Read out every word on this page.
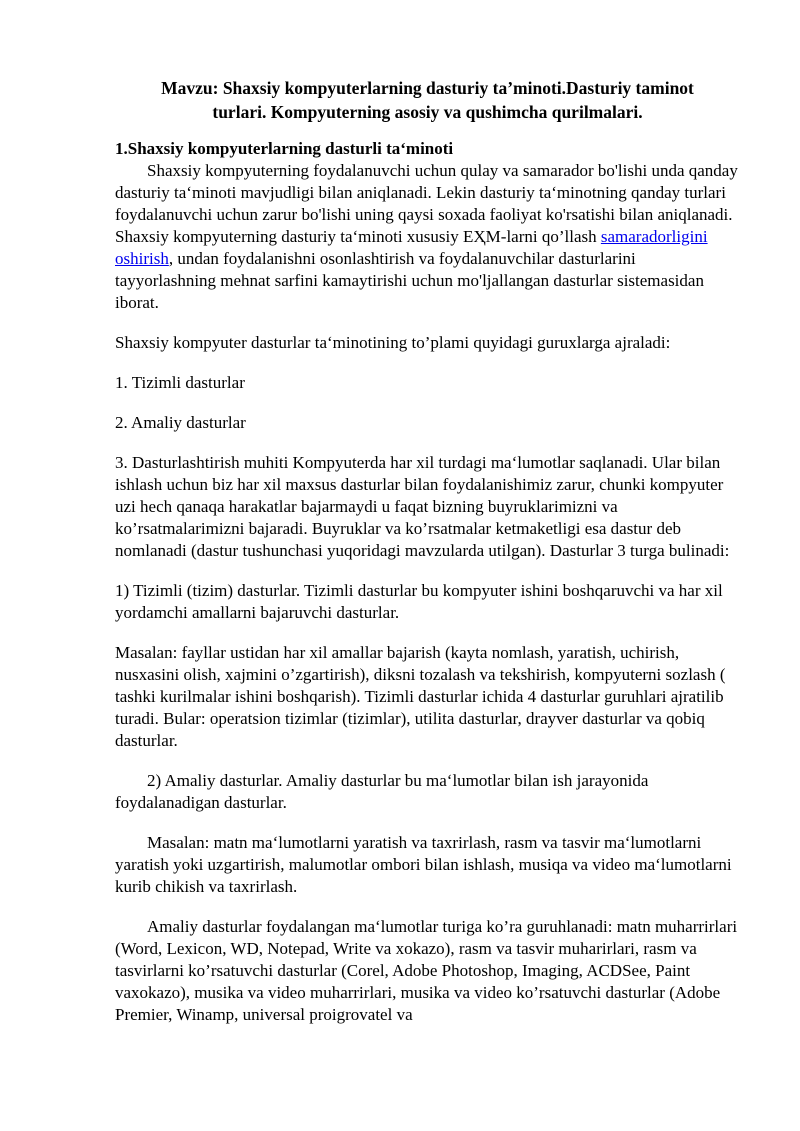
Mavzu: Shaxsiy kompyuterlarning dasturiy ta’minoti.Dasturiy taminot
turlari. Kompyuterning asosiy va qushimcha qurilmalari.
1.Shaxsiy kompyuterlarning dasturli ta‘minoti

Shaxsiy kompyuterning foydalanuvchi uchun qulay va samarador bo'lishi unda qanday dasturiy ta‘minoti mavjudligi bilan aniqlanadi. Lekin dasturiy ta‘minotning qanday turlari foydalanuvchi uchun zarur bo'lishi uning qaysi soxada faoliyat ko'rsatishi bilan aniqlanadi. Shaxsiy kompyuterning dasturiy ta‘minoti xususiy EҲM-larni qo’llash samaradorligini oshirish, undan foydalanishni osonlashtirish va foydalanuvchilar dasturlarini tayyorlashning mehnat sarfini kamaytirishi uchun mo'ljallangan dasturlar sistemasidan iborat.

Shaxsiy kompyuter dasturlar ta‘minotining to’plami quyidagi guruxlarga ajraladi:

1. Tizimli dasturlar

2. Amaliy dasturlar

3. Dasturlashtirish muhiti Kompyuterda har xil turdagi ma‘lumotlar saqlanadi. Ular bilan ishlash uchun biz har xil maxsus dasturlar bilan foydalanishimiz zarur, chunki kompyuter uzi hech qanaqa harakatlar bajarmaydi u faqat bizning buyruklarimizni va ko’rsatmalarimizni bajaradi. Buyruklar va ko’rsatmalar ketmaketligi esa dastur deb nomlanadi (dastur tushunchasi yuqoridagi mavzularda utilgan). Dasturlar 3 turga bulinadi:

1) Tizimli (tizim) dasturlar. Tizimli dasturlar bu kompyuter ishini boshqaruvchi va har xil yordamchi amallarni bajaruvchi dasturlar.

Masalan: fayllar ustidan har xil amallar bajarish (kayta nomlash, yaratish, uchirish, nusxasini olish, xajmini o’zgartirish), diksni tozalash va tekshirish, kompyuterni sozlash ( tashki kurilmalar ishini boshqarish). Tizimli dasturlar ichida 4 dasturlar guruhlari ajratilib turadi. Bular: operatsion tizimlar (tizimlar), utilita dasturlar, drayver dasturlar va qobiq dasturlar.

2) Amaliy dasturlar. Amaliy dasturlar bu ma‘lumotlar bilan ish jarayonida foydalanadigan dasturlar.

Masalan: matn ma‘lumotlarni yaratish va taxrirlash, rasm va tasvir ma‘lumotlarni yaratish yoki uzgartirish, malumotlar ombori bilan ishlash, musiqa va video ma‘lumotlarni kurib chikish va taxrirlash.

Amaliy dasturlar foydalangan ma‘lumotlar turiga ko’ra guruhlanadi: matn muharrirlari (Word, Lexicon, WD, Notepad, Write va xokazo), rasm va tasvir muharirlari, rasm va tasvirlarni ko’rsatuvchi dasturlar (Corel, Adobe Photoshop, Imaging, ACDSee, Paint vaxokazo), musika va video muharrirlari, musika va video ko’rsatuvchi dasturlar (Adobe Premier, Winamp, universal proigrovatel va
